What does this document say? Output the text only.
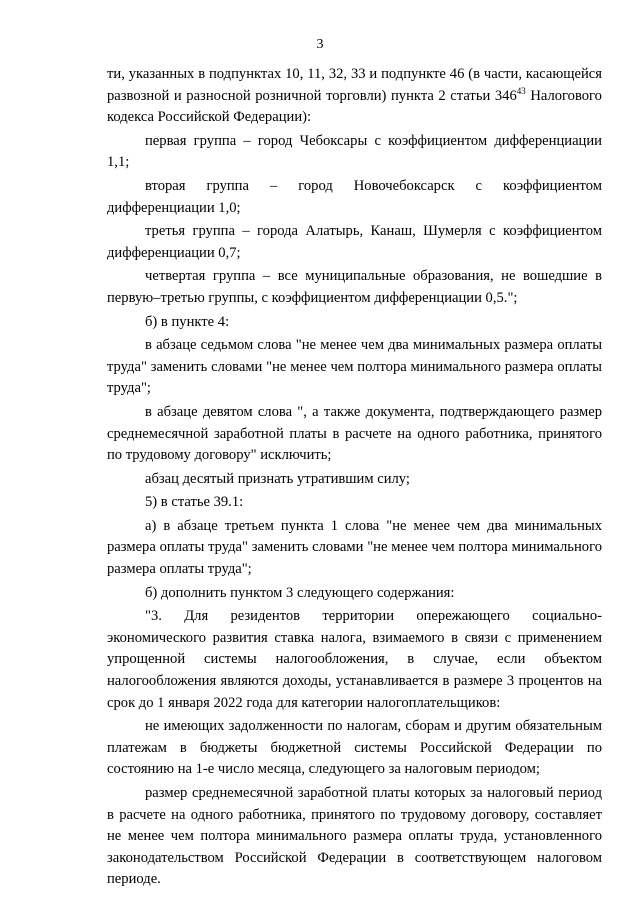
3

ти, указанных в подпунктах 10, 11, 32, 33 и подпункте 46 (в части, касающейся развозной и разносной розничной торговли) пункта 2 статьи $346^{43}$ Налогового кодекса Российской Федерации):

первая группа – город Чебоксары с коэффициентом дифференциации 1,1;

вторая группа – город Новочебоксарск с коэффициентом дифференциации 1,0;

третья группа – города Алатырь, Канаш, Шумерля с коэффициентом дифференциации 0,7;

четвертая группа – все муниципальные образования, не вошедшие в первую–третью группы, с коэффициентом дифференциации 0,5.";

б) в пункте 4:

в абзаце седьмом слова "не менее чем два минимальных размера оплаты труда" заменить словами "не менее чем полтора минимального размера оплаты труда";

в абзаце девятом слова ", а также документа, подтверждающего размер среднемесячной заработной платы в расчете на одного работника, принятого по трудовому договору" исключить;

абзац десятый признать утратившим силу;

5) в статье 39.1:

а) в абзаце третьем пункта 1 слова "не менее чем два минимальных размера оплаты труда" заменить словами "не менее чем полтора минимального размера оплаты труда";

б) дополнить пунктом 3 следующего содержания:

"3. Для резидентов территории опережающего социально-экономического развития ставка налога, взимаемого в связи с применением упрощенной системы налогообложения, в случае, если объектом налогообложения являются доходы, устанавливается в размере 3 процентов на срок до 1 января 2022 года для категории налогоплательщиков:

не имеющих задолженности по налогам, сборам и другим обязательным платежам в бюджеты бюджетной системы Российской Федерации по состоянию на 1-е число месяца, следующего за налоговым периодом;

размер среднемесячной заработной платы которых за налоговый период в расчете на одного работника, принятого по трудовому договору, составляет не менее чем полтора минимального размера оплаты труда, установленного законодательством Российской Федерации в соответствующем налоговом периоде.
